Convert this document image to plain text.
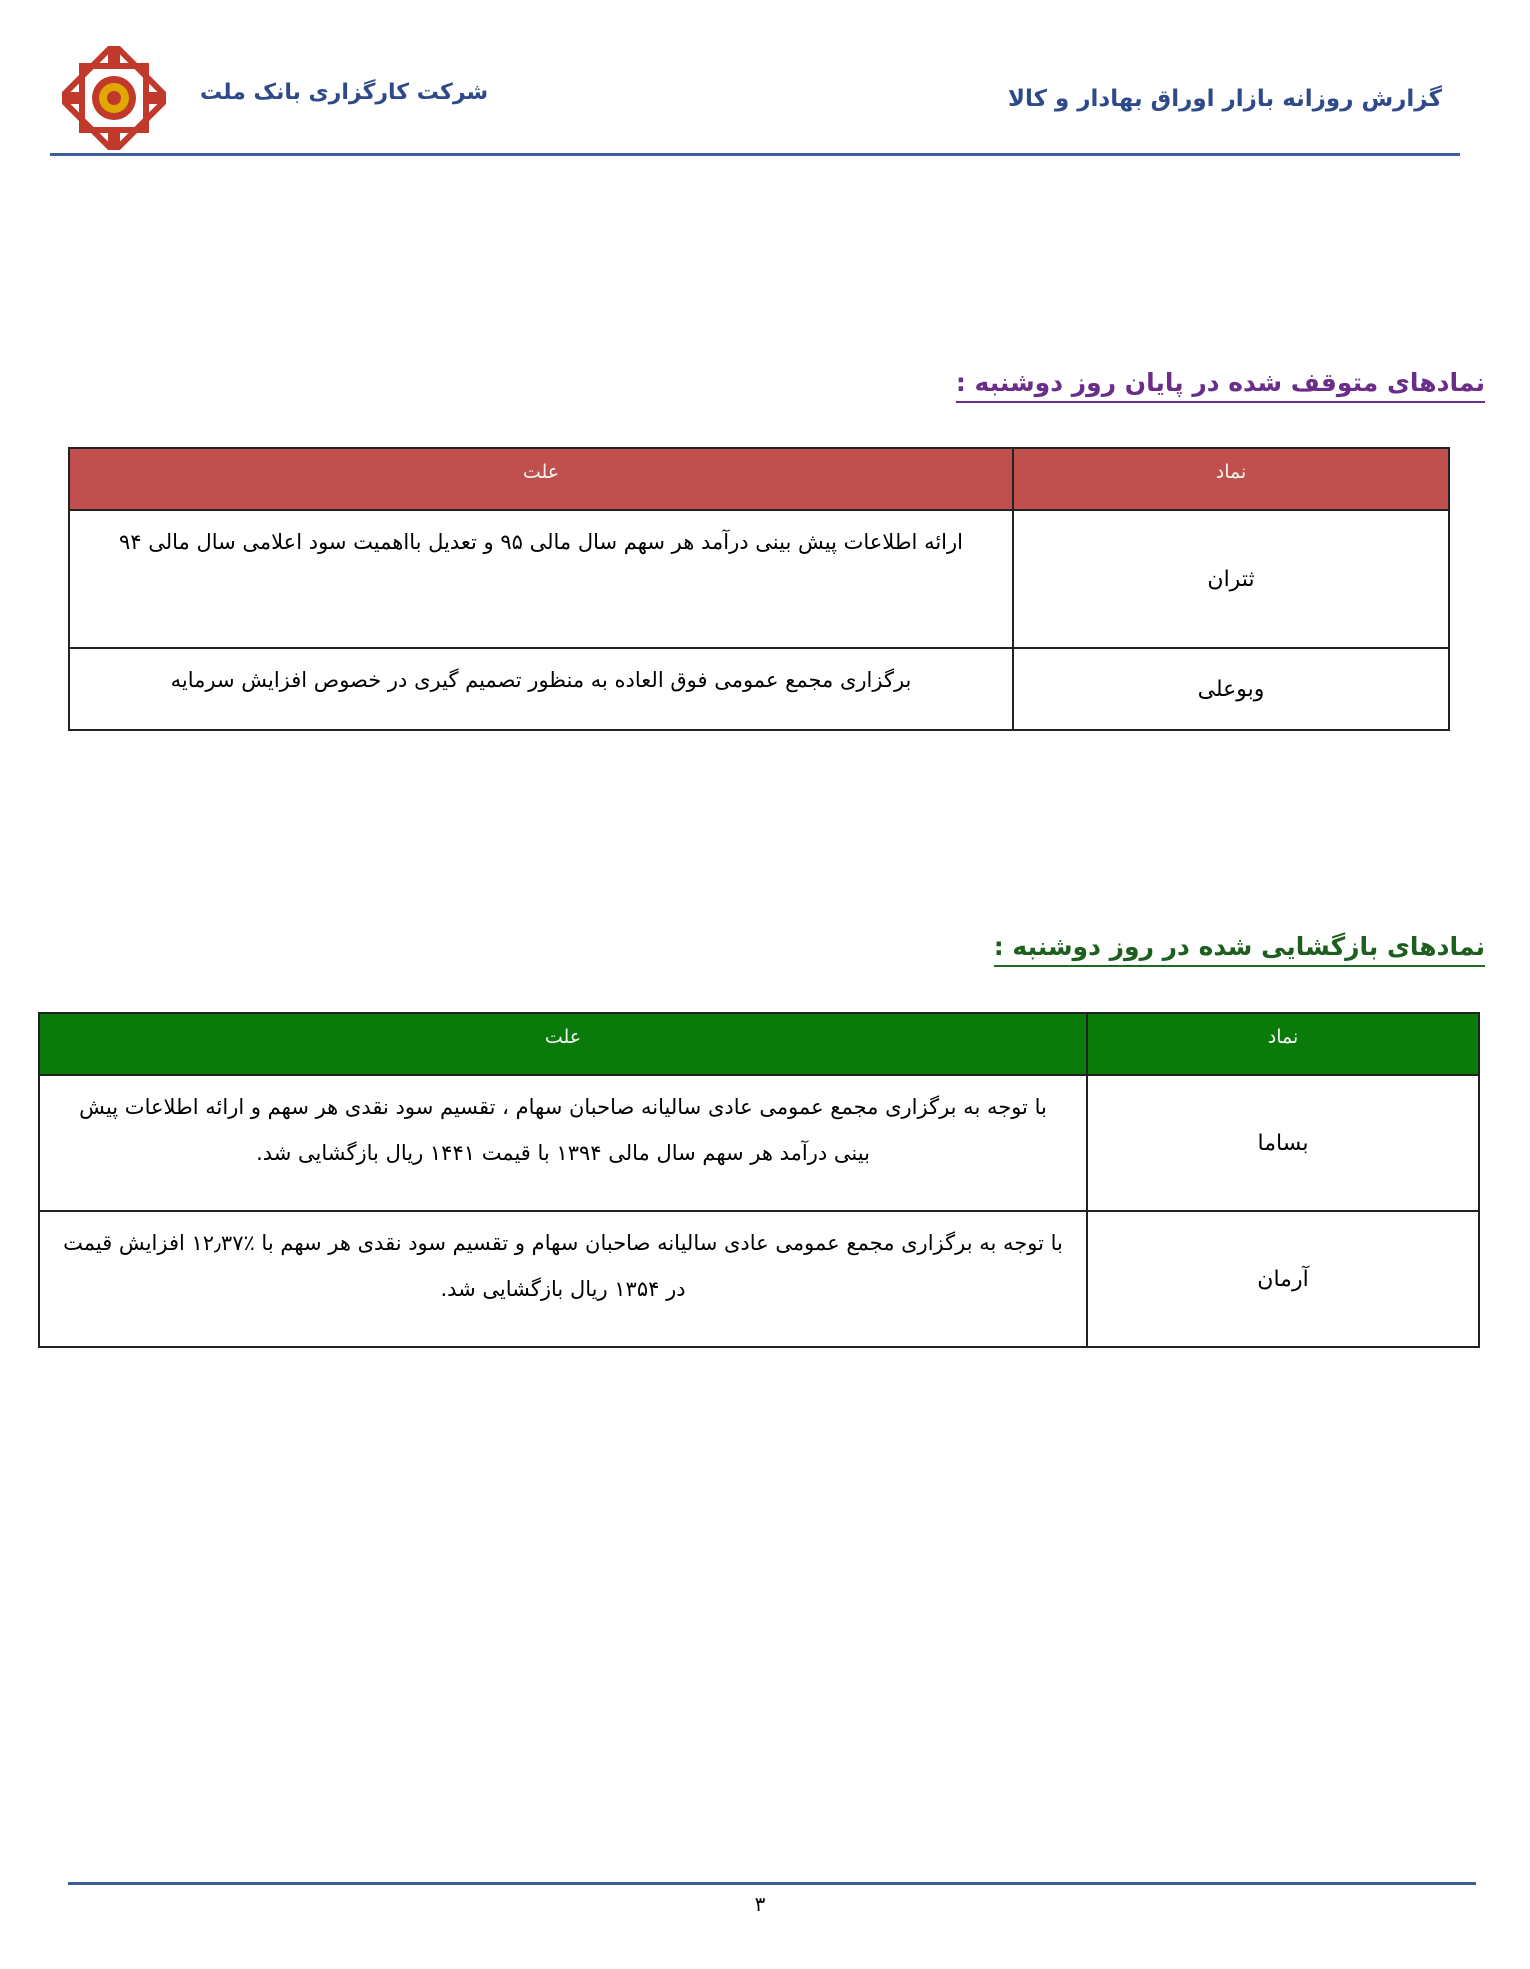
شرکت کارگزاری بانک ملت	گزارش روزانه بازار اوراق بهادار و کالا
نمادهای متوقف شده در پایان روز دوشنبه :
نماد	علت
ثتران	ارائه اطلاعات پیش بینی درآمد هر سهم سال مالی ۹۵ و تعدیل بااهمیت سود اعلامی سال مالی ۹۴
وبوعلی	برگزاری مجمع عمومی فوق العاده به منظور تصمیم گیری در خصوص افزایش سرمایه
نمادهای بازگشایی شده در روز دوشنبه :
نماد	علت
بساما	با توجه به برگزاری مجمع عمومی عادی سالیانه صاحبان سهام ، تقسیم سود نقدی هر سهم و ارائه اطلاعات پیش بینی درآمد هر سهم سال مالی ۱۳۹۴ با قیمت ۱۴۴۱ ریال بازگشایی شد.
آرمان	با توجه به برگزاری مجمع عمومی عادی سالیانه صاحبان سهام و تقسیم سود نقدی هر سهم با ٪۱۲٫۳۷ افزایش قیمت در ۱۳۵۴ ریال بازگشایی شد.
۳
